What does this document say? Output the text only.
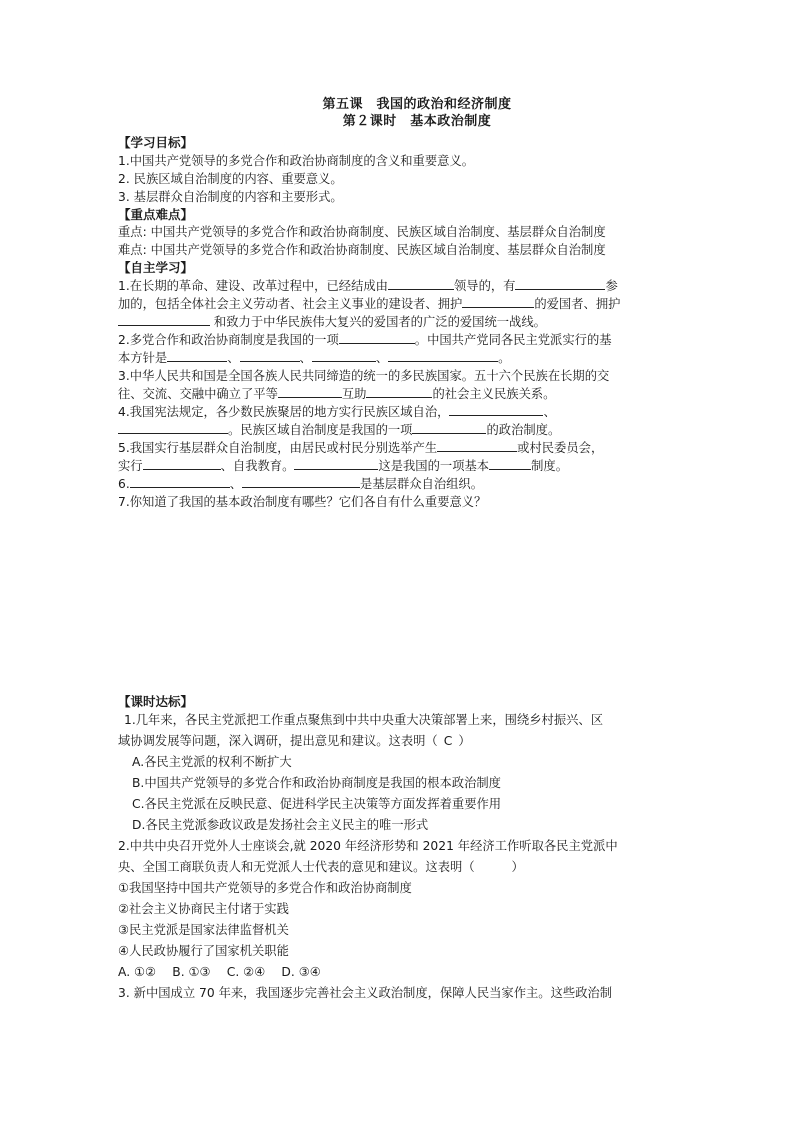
第五课　我国的政治和经济制度
第２课时　基本政治制度
【学习目标】
1.中国共产党领导的多党合作和政治协商制度的含义和重要意义。
2. 民族区域自治制度的内容、重要意义。
3. 基层群众自治制度的内容和主要形式。
【重点难点】
重点: 中国共产党领导的多党合作和政治协商制度、民族区域自治制度、基层群众自治制度
难点: 中国共产党领导的多党合作和政治协商制度、民族区域自治制度、基层群众自治制度
【自主学习】
1.在长期的革命、建设、改革过程中，已经结成由	领导的，有	参
加的，包括全体社会主义劳动者、社会主义事业的建设者、拥护	的爱国者、拥护
和致力于中华民族伟大复兴的爱国者的广泛的爱国统一战线。
2.多党合作和政治协商制度是我国的一项	。中国共产党同各民主党派实行的基
本方针是	、	、	、	。
3.中华人民共和国是全国各族人民共同缔造的统一的多民族国家。五十六个民族在长期的交
往、交流、交融中确立了平等	互助	的社会主义民族关系。
4.我国宪法规定，各少数民族聚居的地方实行民族区域自治，	、
。民族区域自治制度是我国的一项	的政治制度。
5.我国实行基层群众自治制度，由居民或村民分别选举产生	或村民委员会，
实行	、自我教育。	这是我国的一项基本	制度。
6.	、	是基层群众自治组织。
7.你知道了我国的基本政治制度有哪些？它们各自有什么重要意义？
【课时达标】
1.几年来，各民主党派把工作重点聚焦到中共中央重大决策部署上来，围绕乡村振兴、区
域协调发展等问题，深入调研，提出意见和建议。这表明（ C ）
A.各民主党派的权利不断扩大
B.中国共产党领导的多党合作和政治协商制度是我国的根本政治制度
C.各民主党派在反映民意、促进科学民主决策等方面发挥着重要作用
D.各民主党派参政议政是发扬社会主义民主的唯一形式
2.中共中央召开党外人士座谈会,就 2020 年经济形势和 2021 年经济工作听取各民主党派中
央、全国工商联负责人和无党派人士代表的意见和建议。这表明（　　　）
①我国坚持中国共产党领导的多党合作和政治协商制度
②社会主义协商民主付诸于实践
③民主党派是国家法律监督机关
④人民政协履行了国家机关职能
A. ①②　 B. ①③　 C. ②④　 D. ③④
3. 新中国成立 70 年来，我国逐步完善社会主义政治制度，保障人民当家作主。这些政治制
